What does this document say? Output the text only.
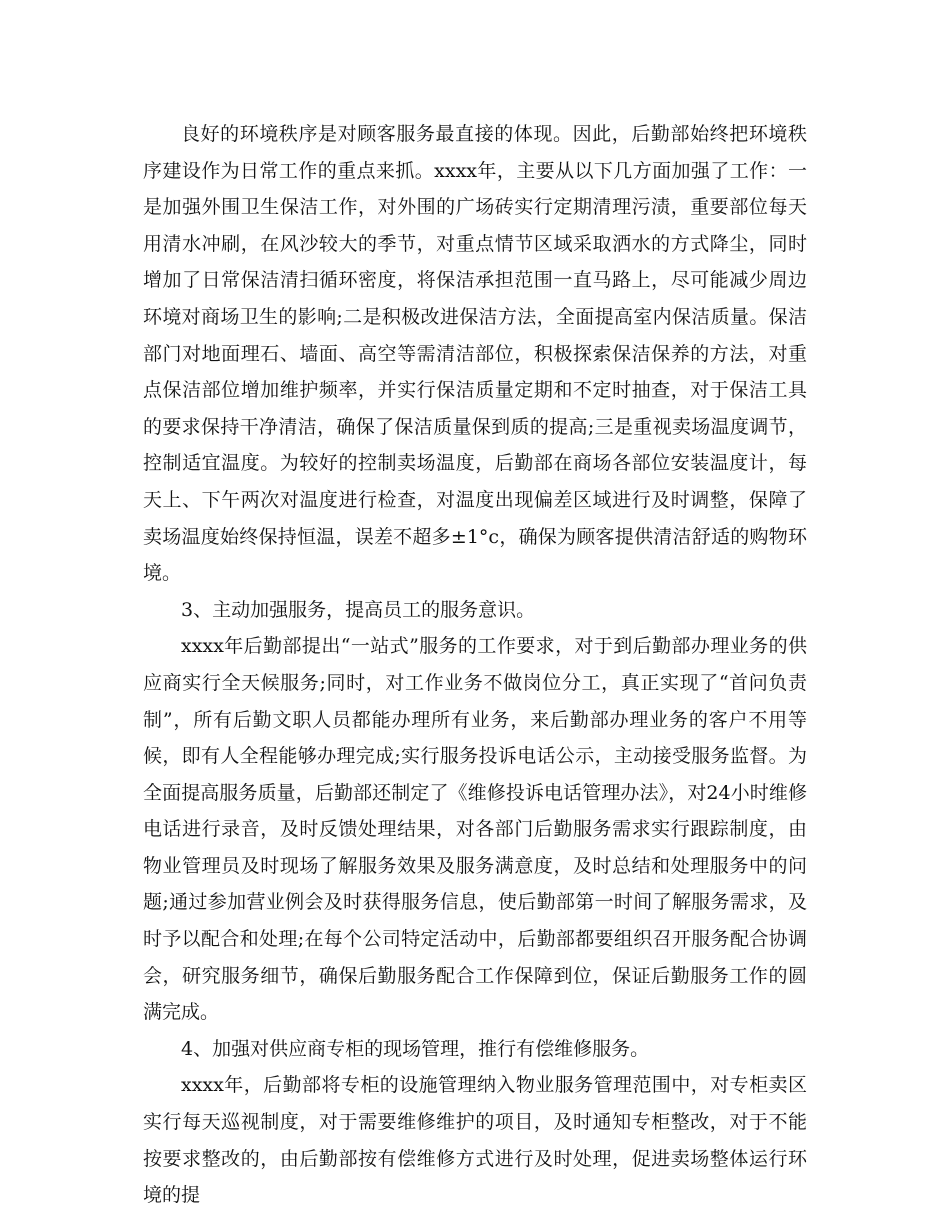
良好的环境秩序是对顾客服务最直接的体现。因此，后勤部始终把环境秩序建设作为日常工作的重点来抓。xxxx年，主要从以下几方面加强了工作：一是加强外围卫生保洁工作，对外围的广场砖实行定期清理污渍，重要部位每天用清水冲刷，在风沙较大的季节，对重点情节区域采取洒水的方式降尘，同时增加了日常保洁清扫循环密度，将保洁承担范围一直马路上，尽可能减少周边环境对商场卫生的影响;二是积极改进保洁方法，全面提高室内保洁质量。保洁部门对地面理石、墙面、高空等需清洁部位，积极探索保洁保养的方法，对重点保洁部位增加维护频率，并实行保洁质量定期和不定时抽查，对于保洁工具的要求保持干净清洁，确保了保洁质量保到质的提高;三是重视卖场温度调节，控制适宜温度。为较好的控制卖场温度，后勤部在商场各部位安装温度计，每天上、下午两次对温度进行检查，对温度出现偏差区域进行及时调整，保障了卖场温度始终保持恒温，误差不超多±1°c，确保为顾客提供清洁舒适的购物环境。

3、主动加强服务，提高员工的服务意识。

xxxx年后勤部提出“一站式”服务的工作要求，对于到后勤部办理业务的供应商实行全天候服务;同时，对工作业务不做岗位分工，真正实现了“首问负责制”，所有后勤文职人员都能办理所有业务，来后勤部办理业务的客户不用等候，即有人全程能够办理完成;实行服务投诉电话公示，主动接受服务监督。为全面提高服务质量，后勤部还制定了《维修投诉电话管理办法》，对24小时维修电话进行录音，及时反馈处理结果，对各部门后勤服务需求实行跟踪制度，由物业管理员及时现场了解服务效果及服务满意度，及时总结和处理服务中的问题;通过参加营业例会及时获得服务信息，使后勤部第一时间了解服务需求，及时予以配合和处理;在每个公司特定活动中，后勤部都要组织召开服务配合协调会，研究服务细节，确保后勤服务配合工作保障到位，保证后勤服务工作的圆满完成。

4、加强对供应商专柜的现场管理，推行有偿维修服务。

xxxx年，后勤部将专柜的设施管理纳入物业服务管理范围中，对专柜卖区实行每天巡视制度，对于需要维修维护的项目，及时通知专柜整改，对于不能按要求整改的，由后勤部按有偿维修方式进行及时处理，促进卖场整体运行环境的提
